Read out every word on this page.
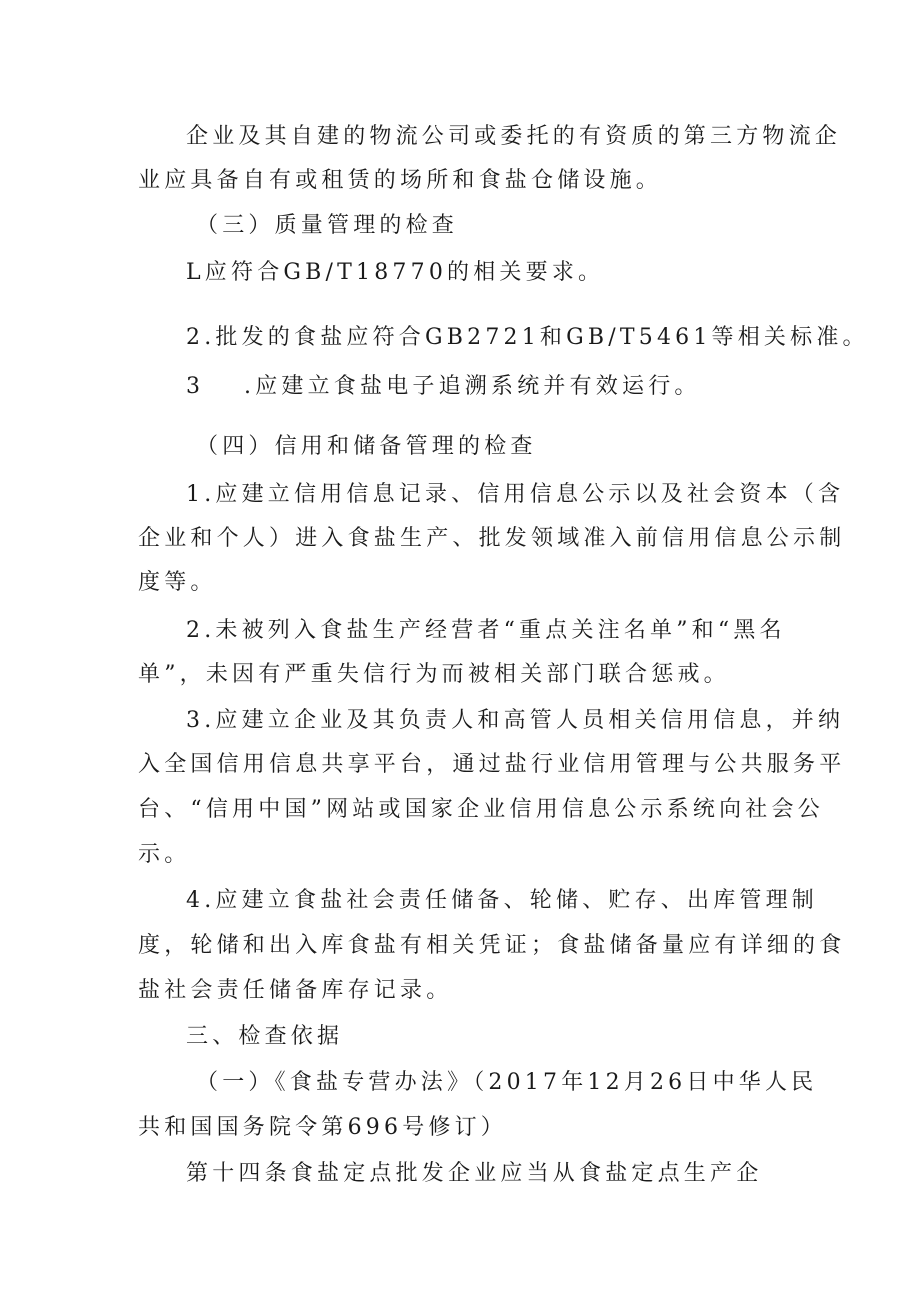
企业及其自建的物流公司或委托的有资质的第三方物流企
业应具备自有或租赁的场所和食盐仓储设施。
（三）质量管理的检查
L应符合GB/T18770的相关要求。
2.批发的食盐应符合GB2721和GB/T5461等相关标准。
3 .应建立食盐电子追溯系统并有效运行。
（四）信用和储备管理的检查
1.应建立信用信息记录、信用信息公示以及社会资本（含
企业和个人）进入食盐生产、批发领域准入前信用信息公示制
度等。
2.未被列入食盐生产经营者“重点关注名单”和“黑名
单”，未因有严重失信行为而被相关部门联合惩戒。
3.应建立企业及其负责人和高管人员相关信用信息，并纳
入全国信用信息共享平台，通过盐行业信用管理与公共服务平
台、“信用中国”网站或国家企业信用信息公示系统向社会公
示。
4.应建立食盐社会责任储备、轮储、贮存、出库管理制
度，轮储和出入库食盐有相关凭证；食盐储备量应有详细的食
盐社会责任储备库存记录。
三、检查依据
（一）《食盐专营办法》（2017年12月26日中华人民
共和国国务院令第696号修订）
第十四条食盐定点批发企业应当从食盐定点生产企
